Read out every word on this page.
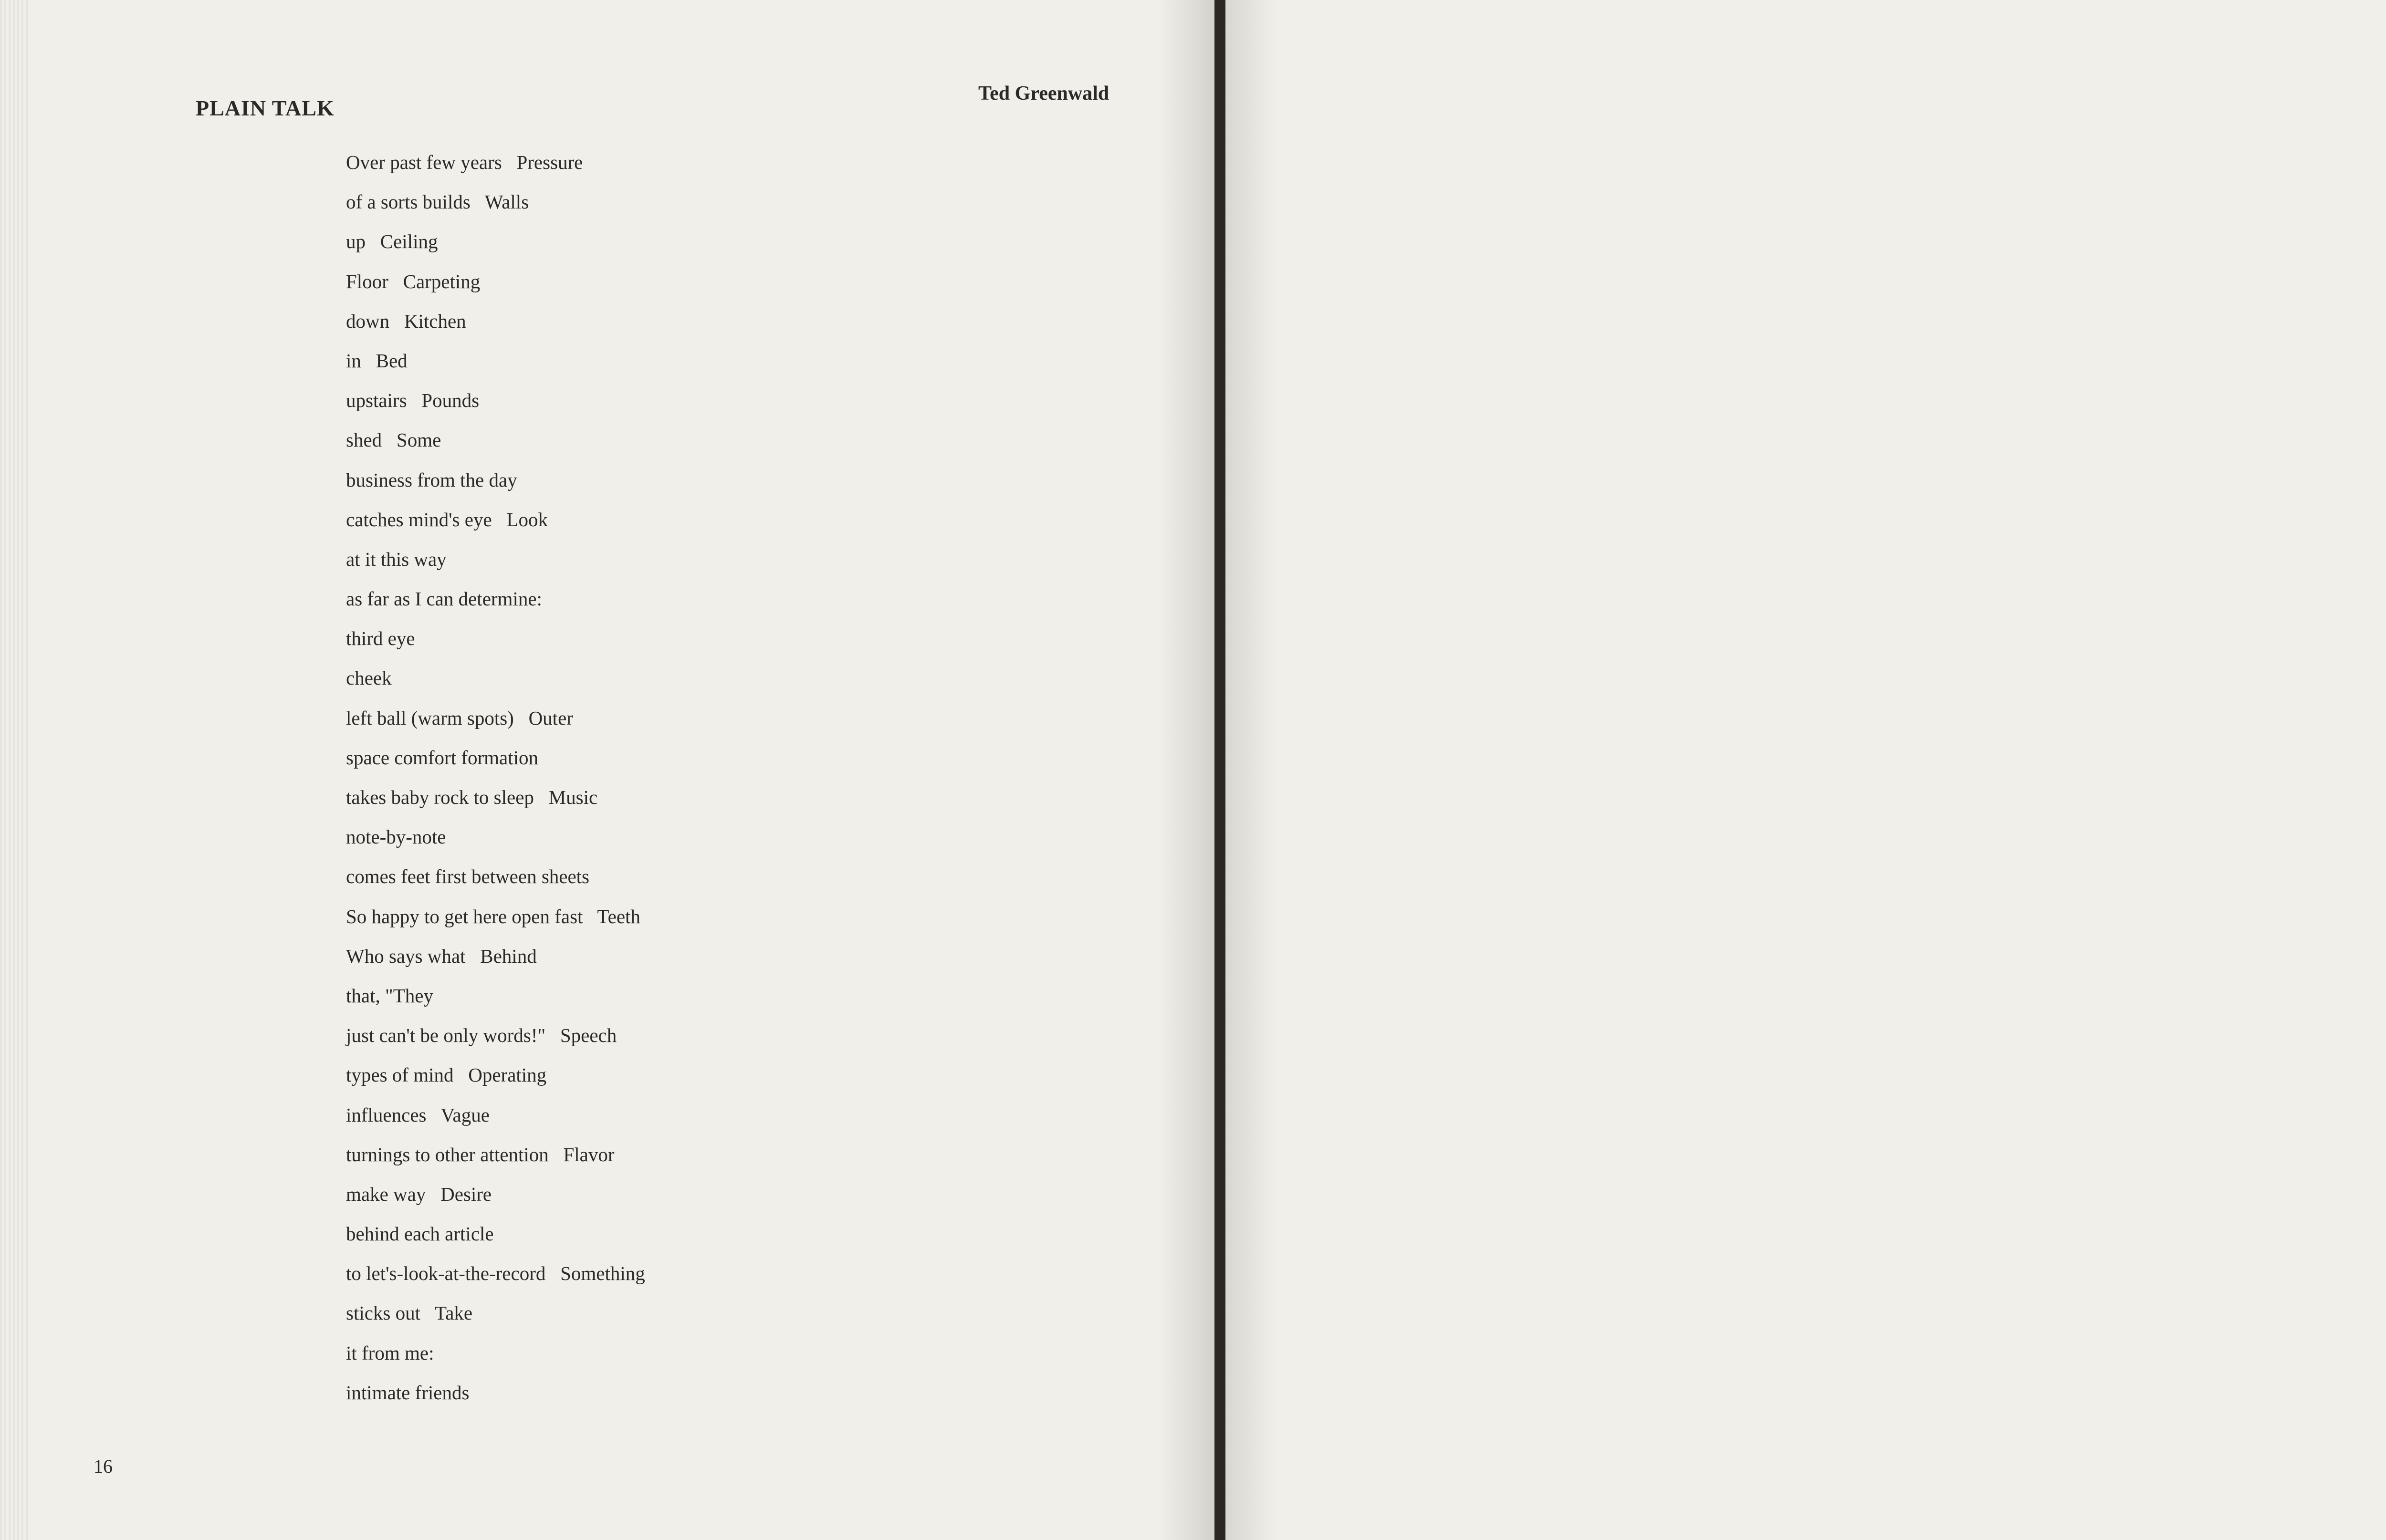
PLAIN TALK
Ted Greenwald
Over past few years   Pressure
of a sorts builds   Walls
up   Ceiling
Floor   Carpeting
down   Kitchen
in   Bed
upstairs   Pounds
shed   Some
business from the day
catches mind's eye   Look
at it this way
as far as I can determine:
third eye
cheek
left ball (warm spots)   Outer
space comfort formation
takes baby rock to sleep   Music
note-by-note
comes feet first between sheets
So happy to get here open fast   Teeth
Who says what   Behind
that, "They
just can't be only words!"   Speech
types of mind   Operating
influences   Vague
turnings to other attention   Flavor
make way   Desire
behind each article
to let's-look-at-the-record   Something
sticks out   Take
it from me:
intimate friends
16
